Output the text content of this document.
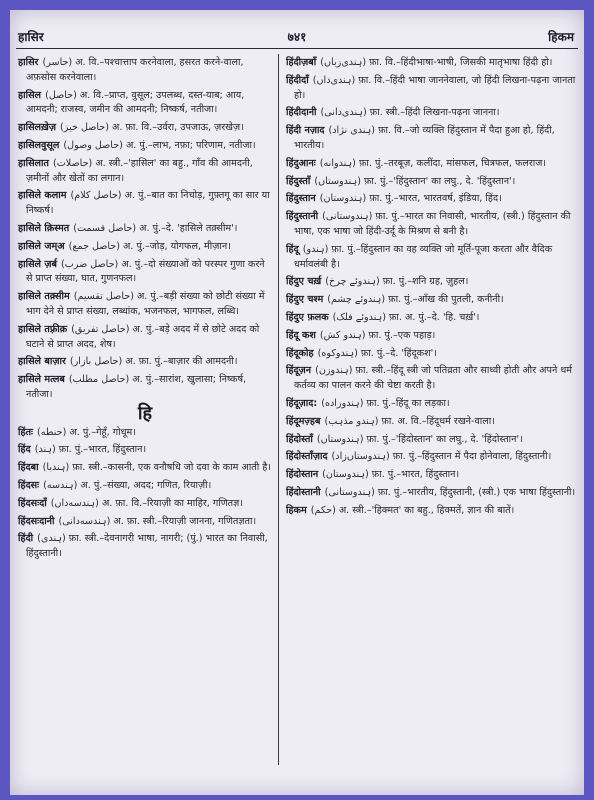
हासिर	७४१	हिकम
हासिर (حاسر) अ. वि.–पश्चात्ताप करनेवाला, हसरत करने-वाला, अफ़सोस करनेवाला।
हासिल (حاصل) अ. वि.–प्राप्त, वुसूल; उपलब्ध, दस्त-याब; आय, आमदनी; राजस्व, जमीन की आमदनी; निष्कर्ष, नतीजा।
हासिलख़ेज़ (حاصل خیز) अ. फ़ा. वि.–उर्वरा, उपजाऊ, ज़रखेज़।
हासिलवुसूल (حاصل وصول) अ. पुं.–लाभ, नफ़ा; परिणाम, नतीजा।
हासिलात (حاصلات) अ. स्त्री.–'हासिल' का बहु., गाँव की आमदनी, ज़मीनों और खेतों का लगान।
हासिले कलाम (حاصل کلام) अ. पुं.–बात का निचोड़, गुफ़्तगू का सार या निष्कर्ष।
हासिले क़िस्मत (حاصل قسمت) अ. पुं.–दे. 'हासिले तक़्सीम'।
हासिले जम्अ (حاصل جمع) अ. पुं.–जोड़, योगफल, मीज़ान।
हासिले ज़र्ब (حاصل ضرب) अ. पुं.–दो संख्याओं को परस्पर गुणा करने से प्राप्त संख्या, घात, गुणनफल।
हासिले तक़्सीम (حاصل تقسیم) अ. पुं.–बड़ी संख्या को छोटी संख्या में भाग देने से प्राप्त संख्या, लब्धांक, भजनफल, भागफल, लब्धि।
हासिले तफ़्रीक़ (حاصل تفریق) अ. पुं.–बड़े अदद में से छोटे अदद को घटाने से प्राप्त अदद, शेष।
हासिले बाज़ार (حاصل بازار) अ. फ़ा. पुं.–बाज़ार की आमदनी।
हासिले मत्लब (حاصل مطلب) अ. पुं.–सारांश, खुलासा; निष्कर्ष, नतीजा।
हि
हिंतः (حنطه) अ. पुं.–गेहूँ, गोधूम।
हिंद (ہند) फ़ा. पुं.–भारत, हिंदुस्तान।
हिंदबा (ہندبا) फ़ा. स्त्री.–कासनी, एक वनौषधि जो दवा के काम आती है।
हिंदसः (ہندسه) अ. पुं.–संख्या, अदद; गणित, रियाज़ी।
हिंदसःदाँ (ہندسه‌داں) अ. फ़ा. वि.–रियाज़ी का माहिर, गणितज्ञ।
हिंदसःदानी (ہندسه‌دانی) अ. फ़ा. स्त्री.–रियाज़ी जानना, गणितज्ञता।
हिंदी (ہندی) फ़ा. स्त्री.–देवनागरी भाषा, नागरी; (पुं.) भारत का निवासी, हिंदुस्तानी।
हिंदीज़बाँ (ہندی‌زباں) फ़ा. वि.–हिंदीभाषा-भाषी, जिसकी मातृभाषा हिंदी हो।
हिंदीदाँ (ہندی‌داں) फ़ा. वि.–हिंदी भाषा जाननेवाला, जो हिंदी लिखना-पढ़ना जानता हो।
हिंदीदानी (ہندی‌دانی) फ़ा. स्त्री.–हिंदी लिखना-पढ़ना जानना।
हिंदी नज़ाद (ہندی نژاد) फ़ा. वि.–जो व्यक्ति हिंदुस्तान में पैदा हुआ हो, हिंदी, भारतीय।
हिंदुआनः (ہندوانه) फ़ा. पुं.–तरबूज़, कलींदा, मांसफल, चित्रफल, फलराज।
हिंदुस्ताँ (ہندوستاں) फ़ा. पुं.–'हिंदुस्तान' का लघु., दे. 'हिंदुस्तान'।
हिंदुस्तान (ہندوستان) फ़ा. पुं.–भारत, भारतवर्ष, इंडिया, हिंद।
हिंदुस्तानी (ہندوستانی) फ़ा. पुं.–भारत का निवासी, भारतीय, (स्त्री.) हिंदुस्तान की भाषा, एक भाषा जो हिंदी-उर्दू के मिश्रण से बनी है।
हिंदू (ہندو) फ़ा. पुं.–हिंदुस्तान का वह व्यक्ति जो मूर्ति-पूजा करता और वैदिक धर्मावलंबी है।
हिंदुए चर्ख़ (ہندوئے چرخ) फ़ा. पुं.–शनि ग्रह, ज़ुहल।
हिंदुए चश्म (ہندوئے چشم) फ़ा. पुं.–आँख की पुतली, कनीनी।
हिंदुए फ़लक (ہندوئے فلک) फ़ा. अ. पुं.–दे. 'हि. चर्ख़'।
हिंदू कश (ہندو کش) फ़ा. पुं.–एक पहाड़।
हिंदूकोह (ہندوکوه) फ़ा. पुं.–दे. 'हिंदूकश'।
हिंदूज़न (ہندوزن) फ़ा. स्त्री.–हिंदू स्त्री जो पतिव्रता और साध्वी होती और अपने धर्म कर्तव्य का पालन करने की चेष्टा करती है।
हिंदूज़ाद: (ہندوزاده) फ़ा. पुं.–हिंदू का लड़का।
हिंदूमज़्हब (ہندو مذہب) फ़ा. अ. वि.–हिंदूधर्म रखने-वाला।
हिंदोस्ताँ (ہندوستاں) फ़ा. पुं.–'हिंदोस्तान' का लघु., दे. 'हिंदोस्तान'।
हिंदोस्ताँज़ाद (ہندوستاں‌زاد) फ़ा. पुं.–हिंदुस्तान में पैदा होनेवाला, हिंदुस्तानी।
हिंदोस्तान (ہندوستان) फ़ा. पुं.–भारत, हिंदुस्तान।
हिंदोस्तानी (ہندوستانی) फ़ा. पुं.–भारतीय, हिंदुस्तानी, (स्त्री.) एक भाषा हिंदुस्तानी।
हिकम (حکم) अ. स्त्री.–'हिक्मत' का बहु., हिक्मतें, ज्ञान की बातें।
